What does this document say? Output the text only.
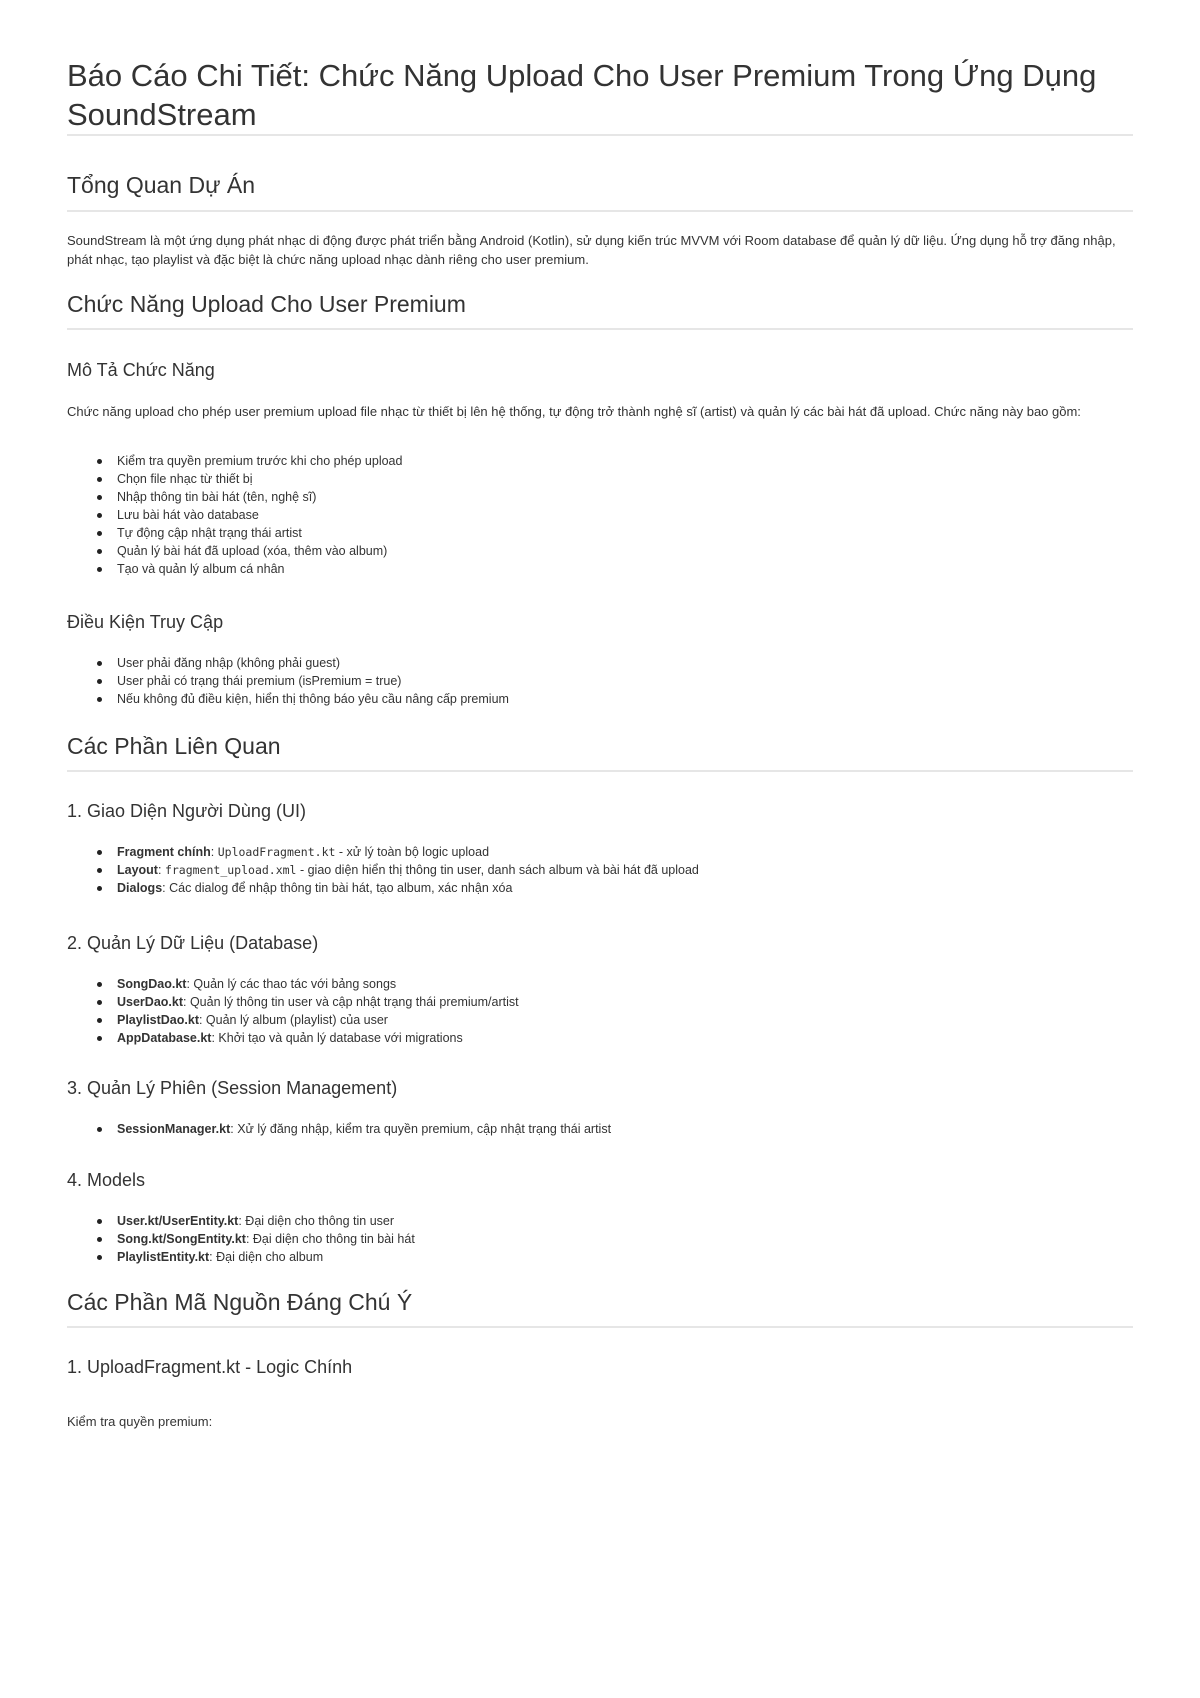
Báo Cáo Chi Tiết: Chức Năng Upload Cho User Premium Trong Ứng Dụng SoundStream
Tổng Quan Dự Án

SoundStream là một ứng dụng phát nhạc di động được phát triển bằng Android (Kotlin), sử dụng kiến trúc MVVM với Room database để quản lý dữ liệu. Ứng dụng hỗ trợ đăng nhập, phát nhạc, tạo playlist và đặc biệt là chức năng upload nhạc dành riêng cho user premium.

Chức Năng Upload Cho User Premium
Mô Tả Chức Năng

Chức năng upload cho phép user premium upload file nhạc từ thiết bị lên hệ thống, tự động trở thành nghệ sĩ (artist) và quản lý các bài hát đã upload. Chức năng này bao gồm:

Kiểm tra quyền premium trước khi cho phép upload
Chọn file nhạc từ thiết bị
Nhập thông tin bài hát (tên, nghệ sĩ)
Lưu bài hát vào database
Tự động cập nhật trạng thái artist
Quản lý bài hát đã upload (xóa, thêm vào album)
Tạo và quản lý album cá nhân
Điều Kiện Truy Cập
User phải đăng nhập (không phải guest)
User phải có trạng thái premium (isPremium = true)
Nếu không đủ điều kiện, hiển thị thông báo yêu cầu nâng cấp premium
Các Phần Liên Quan
1. Giao Diện Người Dùng (UI)
Fragment chính: UploadFragment.kt - xử lý toàn bộ logic upload
Layout: fragment_upload.xml - giao diện hiển thị thông tin user, danh sách album và bài hát đã upload
Dialogs: Các dialog để nhập thông tin bài hát, tạo album, xác nhận xóa
2. Quản Lý Dữ Liệu (Database)
SongDao.kt: Quản lý các thao tác với bảng songs
UserDao.kt: Quản lý thông tin user và cập nhật trạng thái premium/artist
PlaylistDao.kt: Quản lý album (playlist) của user
AppDatabase.kt: Khởi tạo và quản lý database với migrations
3. Quản Lý Phiên (Session Management)
SessionManager.kt: Xử lý đăng nhập, kiểm tra quyền premium, cập nhật trạng thái artist
4. Models
User.kt/UserEntity.kt: Đại diện cho thông tin user
Song.kt/SongEntity.kt: Đại diện cho thông tin bài hát
PlaylistEntity.kt: Đại diện cho album
Các Phần Mã Nguồn Đáng Chú Ý
1. UploadFragment.kt - Logic Chính

Kiểm tra quyền premium:
